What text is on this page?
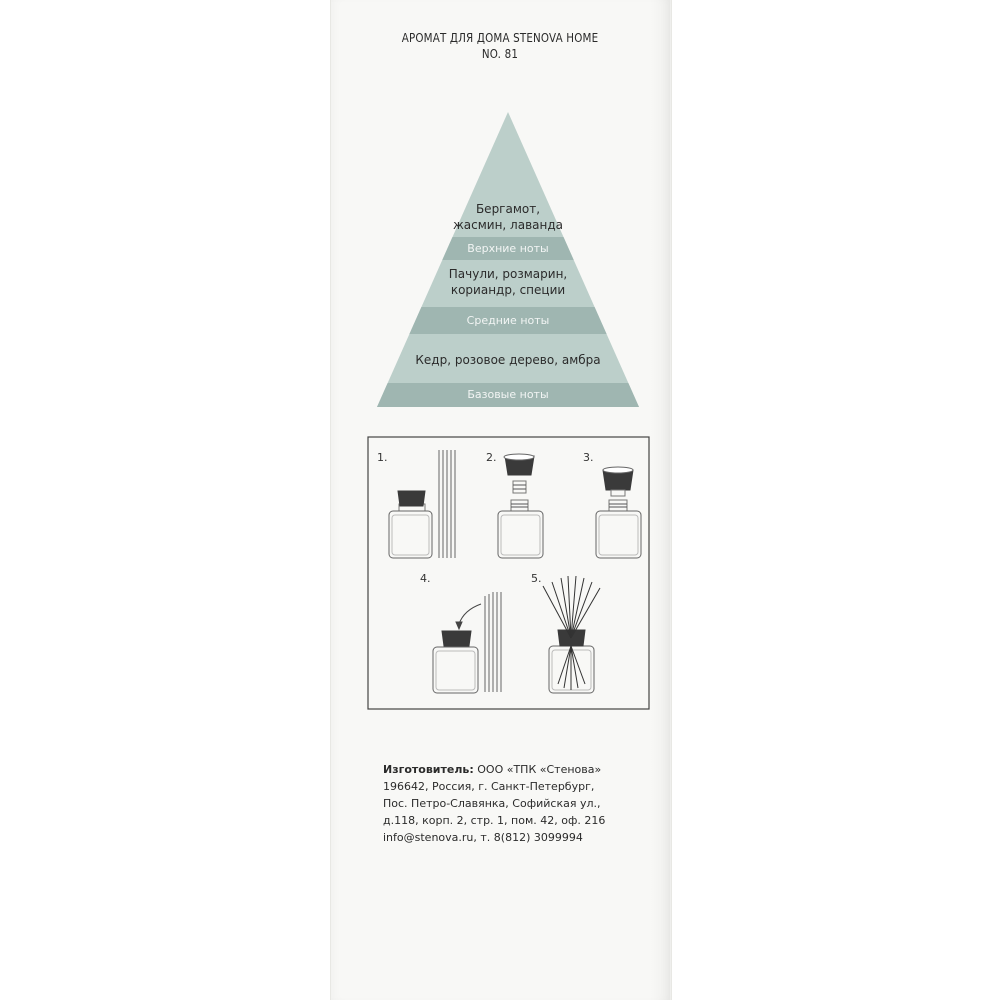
АРОМАТ ДЛЯ ДОМА STENOVA HOME
NO. 81
Бергамот,
жасмин, лаванда
Верхние ноты
Пачули, розмарин,
кориандр, специи
Средние ноты
Кедр, розовое дерево, амбра
Базовые ноты
1.	2.	3.
4.	5.
Изготовитель: ООО «ТПК «Стенова»
196642, Россия, г. Санкт-Петербург,
Пос. Петро-Славянка, Софийская ул.,
д.118, корп. 2, стр. 1, пом. 42, оф. 216
info@stenova.ru, т. 8(812) 3099994
